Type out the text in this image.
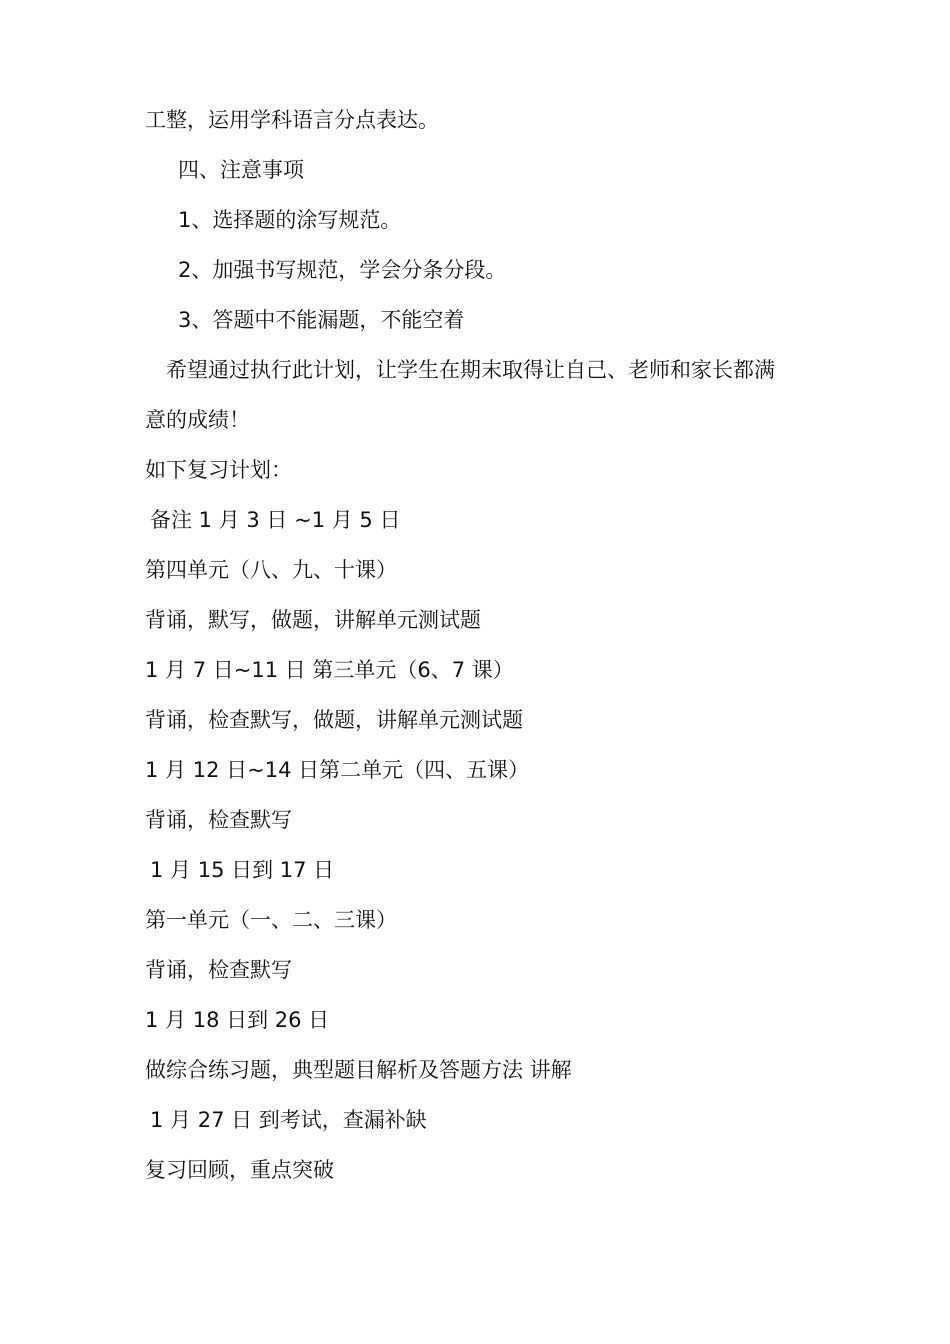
工整，运用学科语言分点表达。
四、注意事项
1、选择题的涂写规范。
2、加强书写规范，学会分条分段。
3、答题中不能漏题，不能空着
希望通过执行此计划，让学生在期末取得让自己、老师和家长都满
意的成绩！
如下复习计划：
备注 1 月 3 日 ~1 月 5 日
第四单元（八、九、十课）
背诵，默写，做题，讲解单元测试题
1 月 7 日~11 日 第三单元（6、7 课）
背诵，检查默写，做题，讲解单元测试题
1 月 12 日~14 日第二单元（四、五课）
背诵，检查默写
1 月 15 日到 17 日
第一单元（一、二、三课）
背诵，检查默写
1 月 18 日到 26 日
做综合练习题，典型题目解析及答题方法 讲解
1 月 27 日 到考试，查漏补缺
复习回顾，重点突破
